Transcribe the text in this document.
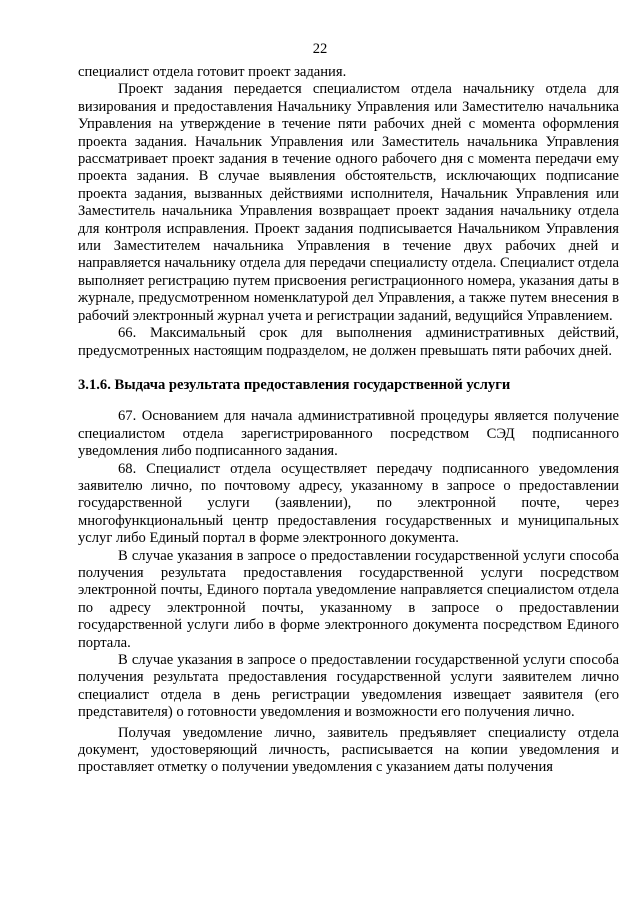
22

специалист отдела готовит проект задания.

Проект задания передается специалистом отдела начальнику отдела для визирования и предоставления Начальнику Управления или Заместителю начальника Управления на утверждение в течение пяти рабочих дней с момента оформления проекта задания. Начальник Управления или Заместитель начальника Управления рассматривает проект задания в течение одного рабочего дня с момента передачи ему проекта задания. В случае выявления обстоятельств, исключающих подписание проекта задания, вызванных действиями исполнителя, Начальник Управления или Заместитель начальника Управления возвращает проект задания начальнику отдела для контроля исправления. Проект задания подписывается Начальником Управления или Заместителем начальника Управления в течение двух рабочих дней и направляется начальнику отдела для передачи специалисту отдела. Специалист отдела выполняет регистрацию путем присвоения регистрационного номера, указания даты в журнале, предусмотренном номенклатурой дел Управления, а также путем внесения в рабочий электронный журнал учета и регистрации заданий, ведущийся Управлением.

66. Максимальный срок для выполнения административных действий, предусмотренных настоящим подразделом, не должен превышать пяти рабочих дней.

3.1.6. Выдача результата предоставления государственной услуги

67. Основанием для начала административной процедуры является получение специалистом отдела зарегистрированного посредством СЭД подписанного уведомления либо подписанного задания.

68. Специалист отдела осуществляет передачу подписанного уведомления заявителю лично, по почтовому адресу, указанному в запросе о предоставлении государственной услуги (заявлении), по электронной почте, через многофункциональный центр предоставления государственных и муниципальных услуг либо Единый портал в форме электронного документа.

В случае указания в запросе о предоставлении государственной услуги способа получения результата предоставления государственной услуги посредством электронной почты, Единого портала уведомление направляется специалистом отдела по адресу электронной почты, указанному в запросе о предоставлении государственной услуги либо в форме электронного документа посредством Единого портала.

В случае указания в запросе о предоставлении государственной услуги способа получения результата предоставления государственной услуги заявителем лично специалист отдела в день регистрации уведомления извещает заявителя (его представителя) о готовности уведомления и возможности его получения лично.

Получая уведомление лично, заявитель предъявляет специалисту отдела документ, удостоверяющий личность, расписывается на копии уведомления и проставляет отметку о получении уведомления с указанием даты получения
